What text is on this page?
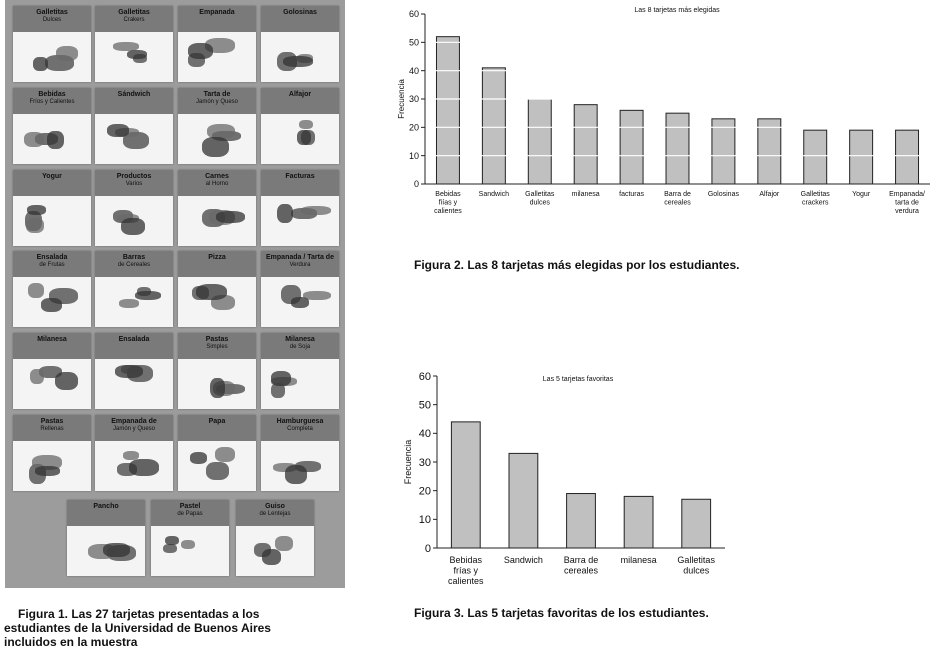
Galletitas
Dulces
Galletitas
Crakers
Empanada	Golosinas
Bebidas
Fríos y Calientes
Sándwich	Tarta de
Jamón y Queso
Alfajor
Yogur	Productos
Varios
Carnes
al Horno
Facturas
Ensalada
de Frutas
Barras
de Cereales
Pizza	Empanada / Tarta de
Verdura
Milanesa	Ensalada	Pastas
Simples
Milanesa
de Soja
Pastas
Rellenas
Empanada de
Jamón y Queso
Papa	Hamburguesa
Completa
Pancho	Pastel
de Papas
Guiso
de Lentejas
Las 8 tarjetas más elegidas
Frecuencia
Bebidas fiías y calientes
Sandwich Galletitas dulces
milanesa	facturas	Barra de cereales
Golosinas	Alfajor	Galletitas crackers
Yogur	Empanada/ tarta de verdura
0
10
20
30
40
50
60
Las 5 tarjetas favoritas
Frecuencia
Bebidas frías y calientes
Sandwich Barra de cereales
milanesa Galletitas dulces
0
10
20
30
40
50
60
Figura 1. Las 27 tarjetas presentadas a los
estudiantes de la Universidad de Buenos Aires
incluidos en la muestra
Figura 2. Las 8 tarjetas más elegidas por los estudiantes.
Figura 3. Las 5 tarjetas favoritas de los estudiantes.
